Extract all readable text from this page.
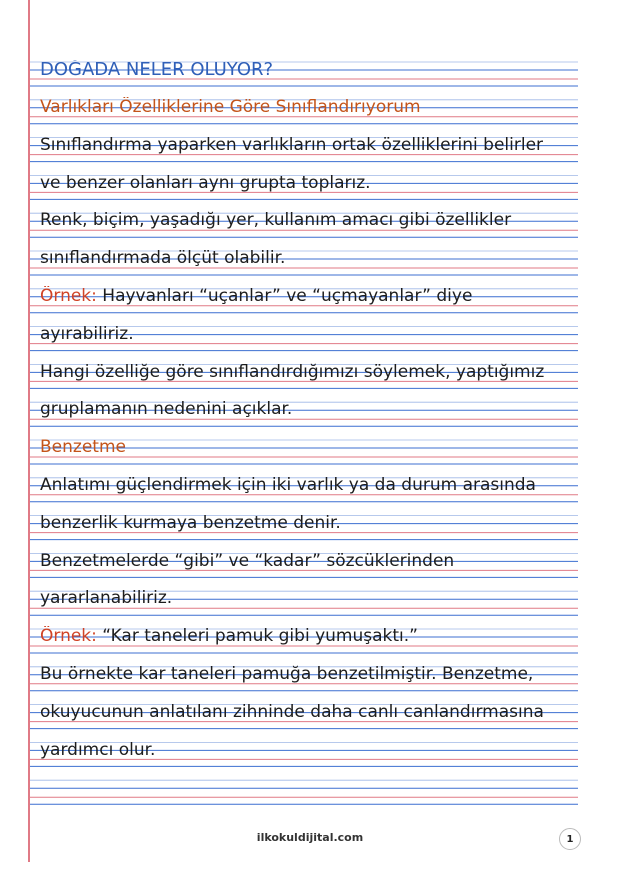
DOĞADA NELER OLUYOR?
Varlıkları Özelliklerine Göre Sınıflandırıyorum
Sınıflandırma yaparken varlıkların ortak özelliklerini belirler
ve benzer olanları aynı grupta toplarız.
Renk, biçim, yaşadığı yer, kullanım amacı gibi özellikler
sınıflandırmada ölçüt olabilir.
Örnek: Hayvanları “uçanlar” ve “uçmayanlar” diye
ayırabiliriz.
Hangi özelliğe göre sınıflandırdığımızı söylemek, yaptığımız
gruplamanın nedenini açıklar.
Benzetme
Anlatımı güçlendirmek için iki varlık ya da durum arasında
benzerlik kurmaya benzetme denir.
Benzetmelerde “gibi” ve “kadar” sözcüklerinden
yararlanabiliriz.
Örnek: “Kar taneleri pamuk gibi yumuşaktı.”
Bu örnekte kar taneleri pamuğa benzetilmiştir. Benzetme,
okuyucunun anlatılanı zihninde daha canlı canlandırmasına
yardımcı olur.
ilkokuldijital.com	1
